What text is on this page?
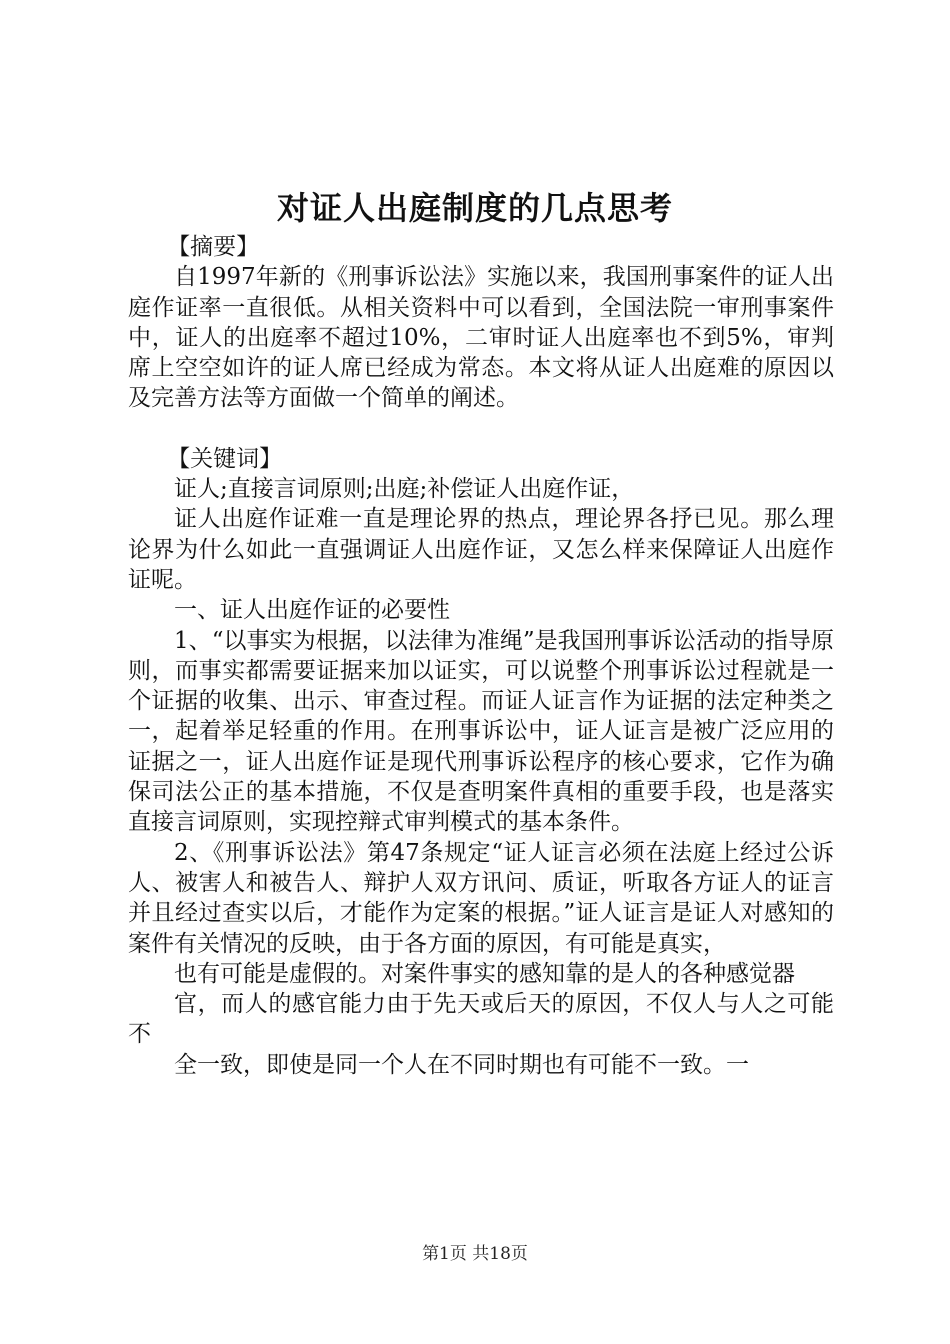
对证人出庭制度的几点思考

【摘要】

自1997年新的《刑事诉讼法》实施以来，我国刑事案件的证人出庭作证率一直很低。从相关资料中可以看到，全国法院一审刑事案件中，证人的出庭率不超过10%，二审时证人出庭率也不到5%，审判席上空空如许的证人席已经成为常态。本文将从证人出庭难的原因以及完善方法等方面做一个简单的阐述。

【关键词】

证人;直接言词原则;出庭;补偿证人出庭作证，

证人出庭作证难一直是理论界的热点，理论界各抒已见。那么理论界为什么如此一直强调证人出庭作证，又怎么样来保障证人出庭作证呢。

一、证人出庭作证的必要性

1、“以事实为根据，以法律为准绳”是我国刑事诉讼活动的指导原则，而事实都需要证据来加以证实，可以说整个刑事诉讼过程就是一个证据的收集、出示、审查过程。而证人证言作为证据的法定种类之一，起着举足轻重的作用。在刑事诉讼中，证人证言是被广泛应用的证据之一，证人出庭作证是现代刑事诉讼程序的核心要求，它作为确保司法公正的基本措施，不仅是查明案件真相的重要手段，也是落实直接言词原则，实现控辩式审判模式的基本条件。

2、《刑事诉讼法》第47条规定“证人证言必须在法庭上经过公诉人、被害人和被告人、辩护人双方讯问、质证，听取各方证人的证言并且经过查实以后，才能作为定案的根据。”证人证言是证人对感知的案件有关情况的反映，由于各方面的原因，有可能是真实，

也有可能是虚假的。对案件事实的感知靠的是人的各种感觉器

官，而人的感官能力由于先天或后天的原因，不仅人与人之可能不

全一致，即使是同一个人在不同时期也有可能不一致。一

第1页 共18页
